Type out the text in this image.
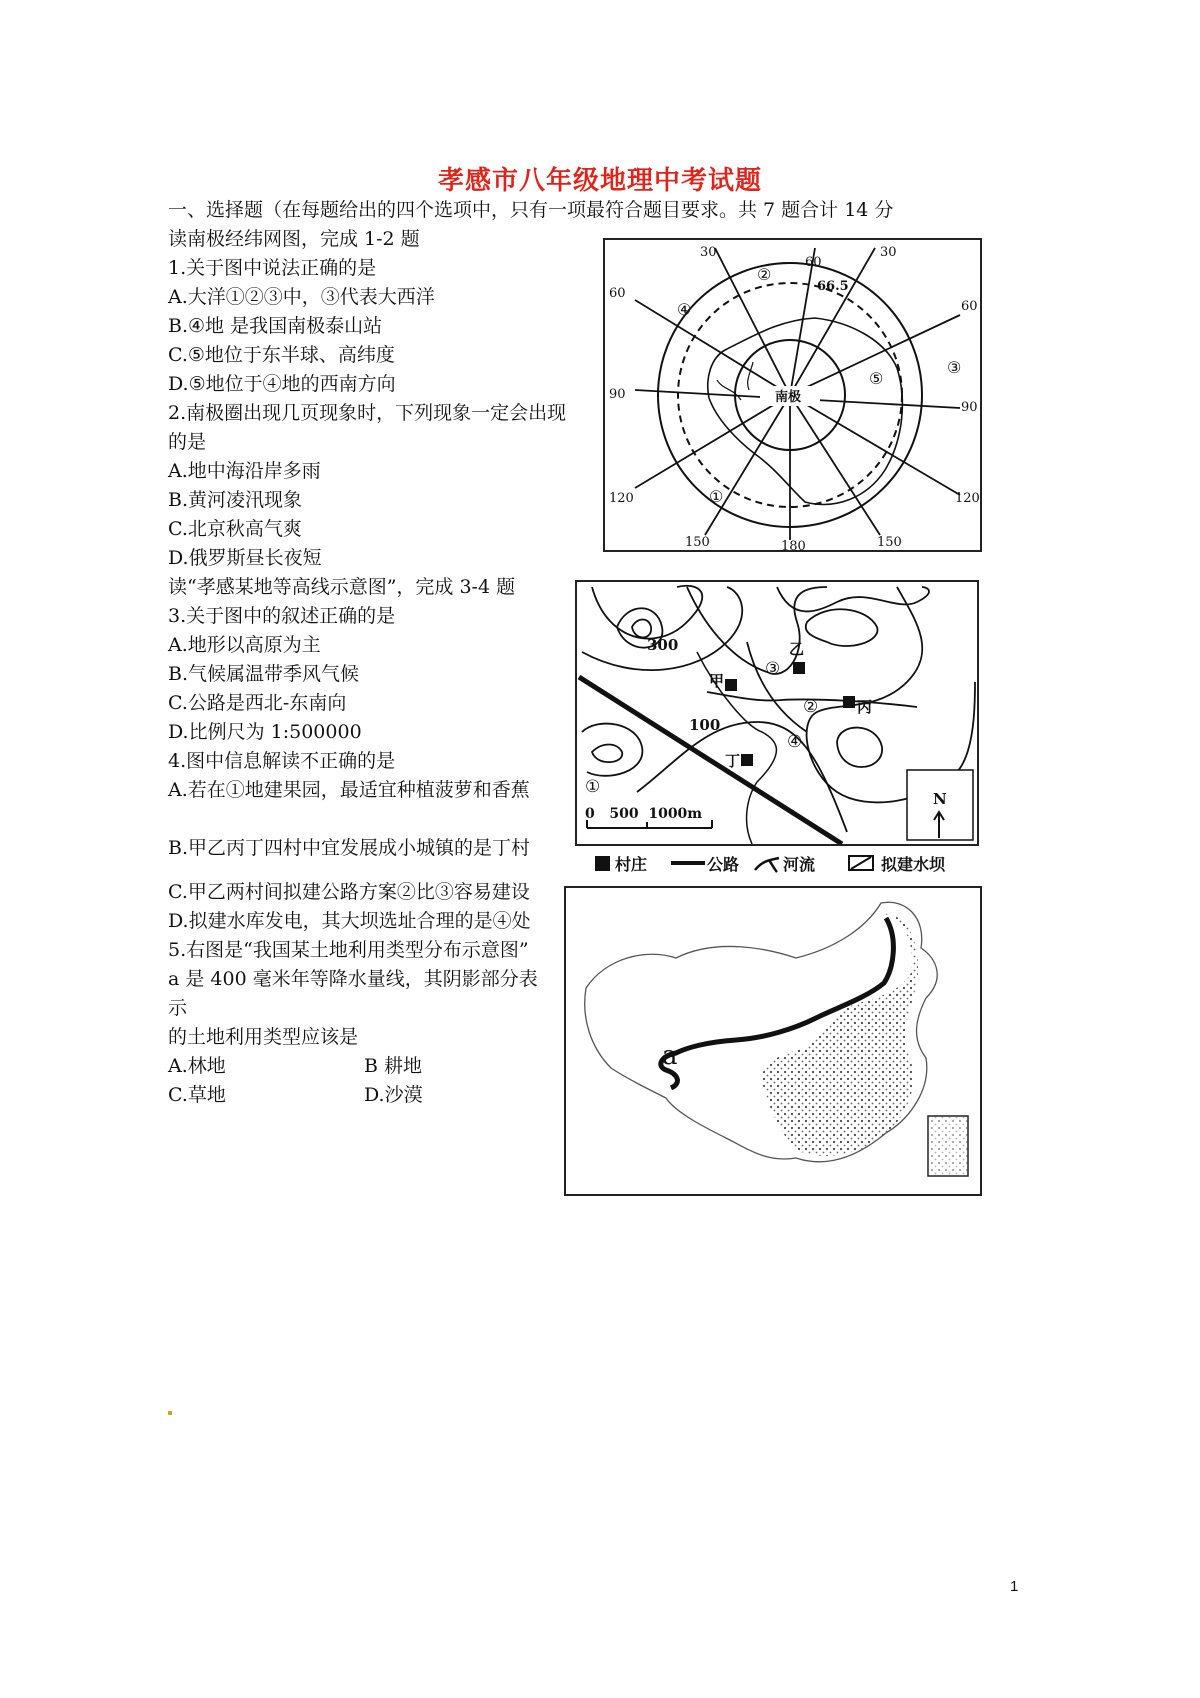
孝感市八年级地理中考试题
一、选择题（在每题给出的四个选项中，只有一项最符合题目要求。共 7 题合计 14 分
读南极经纬网图，完成 1-2 题
1.关于图中说法正确的是
A.大洋①②③中，③代表大西洋
B.④地 是我国南极泰山站
C.⑤地位于东半球、高纬度
D.⑤地位于④地的西南方向
2.南极圈出现几页现象时，下列现象一定会出现
的是
A.地中海沿岸多雨
B.黄河凌汛现象
C.北京秋高气爽
D.俄罗斯昼长夜短
读“孝感某地等高线示意图”，完成 3-4 题
3.关于图中的叙述正确的是
A.地形以高原为主
B.气候属温带季风气候
C.公路是西北-东南向
D.比例尺为 1:500000
4.图中信息解读不正确的是
A.若在①地建果园，最适宜种植菠萝和香蕉
B.甲乙丙丁四村中宜发展成小城镇的是丁村
C.甲乙两村间拟建公路方案②比③容易建设
D.拟建水库发电，其大坝选址合理的是④处
5.右图是“我国某土地利用类型分布示意图”
a 是 400 毫米年等降水量线，其阴影部分表
示
的土地利用类型应该是
A.林地	B 耕地
C.草地	D.沙漠
30
60
30
60
60
90
90
120	120
150	180	150
66.5
南极
①
②
③
④
⑤
300
100
甲
乙
丙
丁
①
②
③
④
0   500  1000m
N
村庄	公路	河流	拟建水坝
a
1
